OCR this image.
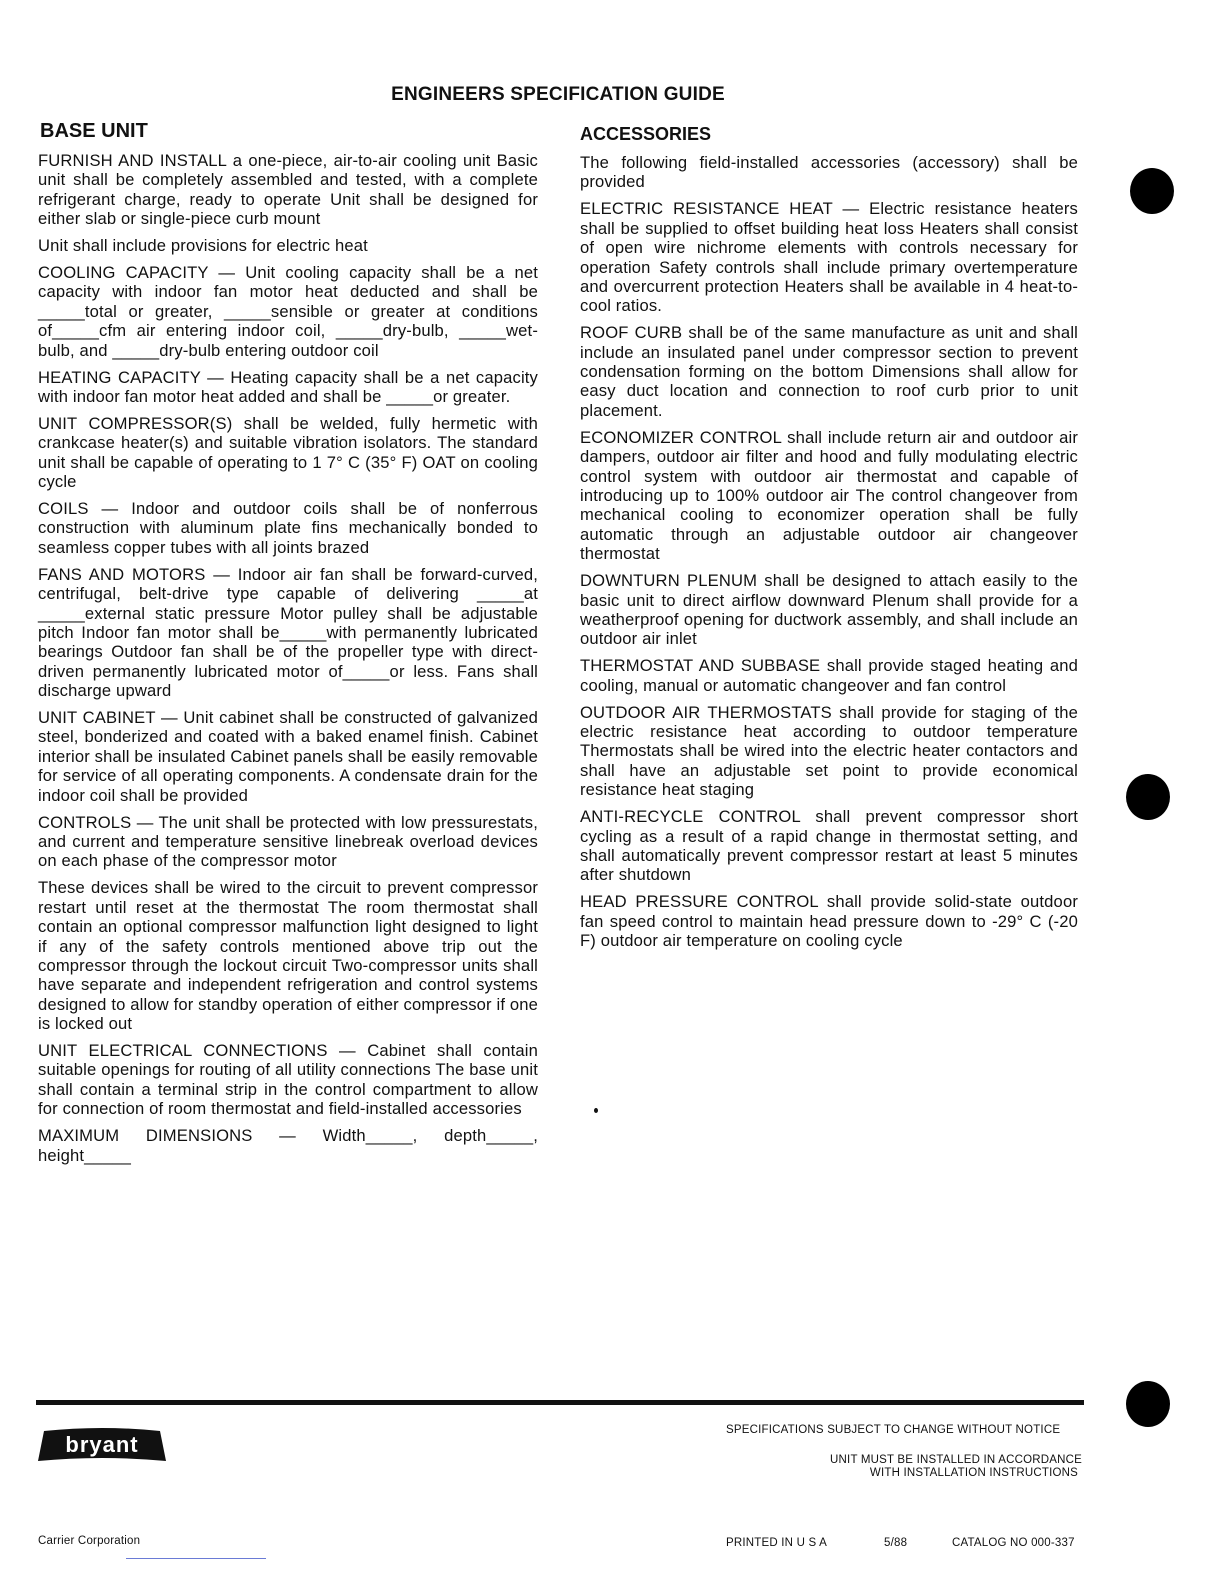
ENGINEERS SPECIFICATION GUIDE
BASE UNIT
FURNISH AND INSTALL a one-piece, air-to-air cooling unit Basic unit shall be completely assembled and tested, with a complete refrigerant charge, ready to operate Unit shall be designed for either slab or single-piece curb mount
Unit shall include provisions for electric heat
COOLING CAPACITY — Unit cooling capacity shall be a net capacity with indoor fan motor heat deducted and shall be _____total or greater, _____sensible or greater at conditions of_____cfm air entering indoor coil, _____dry-bulb, _____wet-bulb, and _____dry-bulb entering outdoor coil
HEATING CAPACITY — Heating capacity shall be a net capacity with indoor fan motor heat added and shall be _____or greater.
UNIT COMPRESSOR(S) shall be welded, fully hermetic with crankcase heater(s) and suitable vibration isolators. The standard unit shall be capable of operating to 1 7° C (35° F) OAT on cooling cycle
COILS — Indoor and outdoor coils shall be of nonferrous construction with aluminum plate fins mechanically bonded to seamless copper tubes with all joints brazed
FANS AND MOTORS — Indoor air fan shall be forward-curved, centrifugal, belt-drive type capable of delivering _____at _____external static pressure Motor pulley shall be adjustable pitch Indoor fan motor shall be_____with permanently lubricated bearings Outdoor fan shall be of the propeller type with direct-driven permanently lubricated motor of_____or less. Fans shall discharge upward
UNIT CABINET — Unit cabinet shall be constructed of galvanized steel, bonderized and coated with a baked enamel finish. Cabinet interior shall be insulated Cabinet panels shall be easily removable for service of all operating components. A condensate drain for the indoor coil shall be provided
CONTROLS — The unit shall be protected with low pressurestats, and current and temperature sensitive linebreak overload devices on each phase of the compressor motor
These devices shall be wired to the circuit to prevent compressor restart until reset at the thermostat The room thermostat shall contain an optional compressor malfunction light designed to light if any of the safety controls mentioned above trip out the compressor through the lockout circuit Two-compressor units shall have separate and independent refrigeration and control systems designed to allow for standby operation of either compressor if one is locked out
UNIT ELECTRICAL CONNECTIONS — Cabinet shall contain suitable openings for routing of all utility connections The base unit shall contain a terminal strip in the control compartment to allow for connection of room thermostat and field-installed accessories
MAXIMUM DIMENSIONS — Width_____, depth_____, height_____
ACCESSORIES
The following field-installed accessories (accessory) shall be provided
ELECTRIC RESISTANCE HEAT — Electric resistance heaters shall be supplied to offset building heat loss Heaters shall consist of open wire nichrome elements with controls necessary for operation Safety controls shall include primary overtemperature and overcurrent protection Heaters shall be available in 4 heat-to-cool ratios.
ROOF CURB shall be of the same manufacture as unit and shall include an insulated panel under compressor section to prevent condensation forming on the bottom Dimensions shall allow for easy duct location and connection to roof curb prior to unit placement.
ECONOMIZER CONTROL shall include return air and outdoor air dampers, outdoor air filter and hood and fully modulating electric control system with outdoor air thermostat and capable of introducing up to 100% outdoor air The control changeover from mechanical cooling to economizer operation shall be fully automatic through an adjustable outdoor air changeover thermostat
DOWNTURN PLENUM shall be designed to attach easily to the basic unit to direct airflow downward Plenum shall provide for a weatherproof opening for ductwork assembly, and shall include an outdoor air inlet
THERMOSTAT AND SUBBASE shall provide staged heating and cooling, manual or automatic changeover and fan control
OUTDOOR AIR THERMOSTATS shall provide for staging of the electric resistance heat according to outdoor temperature Thermostats shall be wired into the electric heater contactors and shall have an adjustable set point to provide economical resistance heat staging
ANTI-RECYCLE CONTROL shall prevent compressor short cycling as a result of a rapid change in thermostat setting, and shall automatically prevent compressor restart at least 5 minutes after shutdown
HEAD PRESSURE CONTROL shall provide solid-state outdoor fan speed control to maintain head pressure down to -29° C (-20 F) outdoor air temperature on cooling cycle
bryant
SPECIFICATIONS SUBJECT TO CHANGE WITHOUT NOTICE
UNIT MUST BE INSTALLED IN ACCORDANCE
WITH INSTALLATION INSTRUCTIONS
Carrier Corporation	PRINTED IN U S A	5/88	CATALOG NO 000-337
